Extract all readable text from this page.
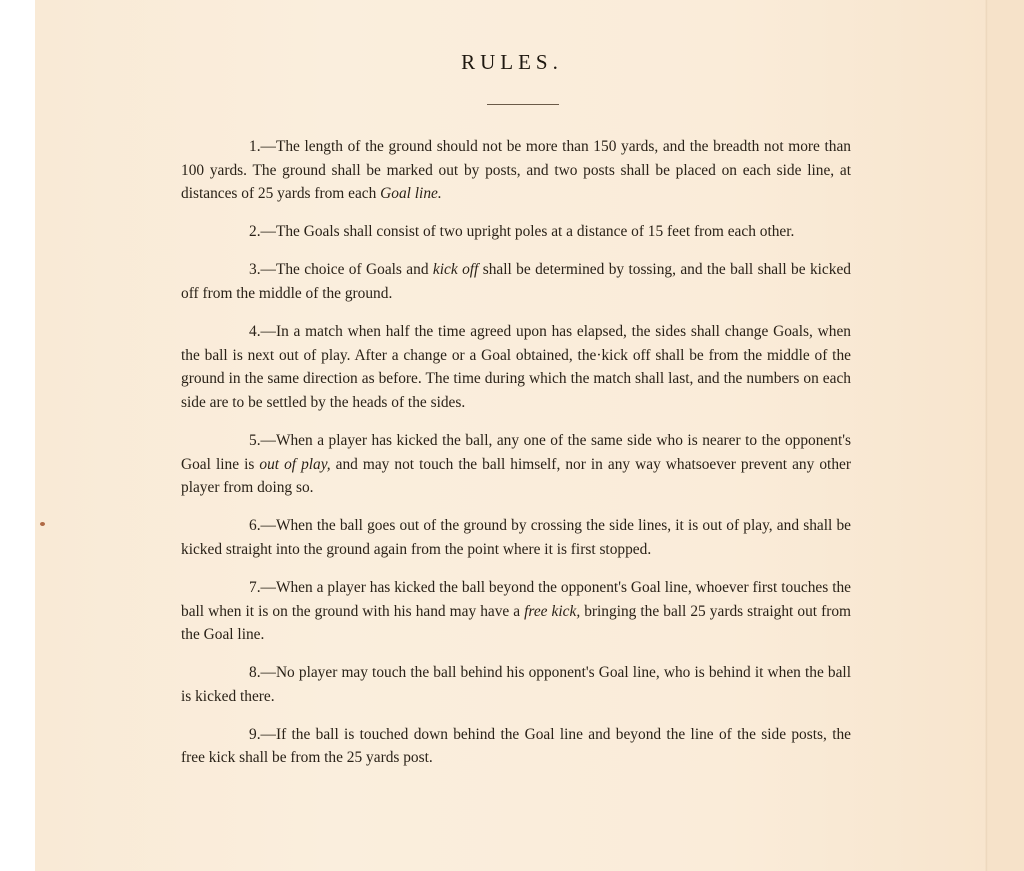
RULES.

1.—The length of the ground should not be more than 150 yards, and the breadth not more than 100 yards. The ground shall be marked out by posts, and two posts shall be placed on each side line, at distances of 25 yards from each Goal line.

2.—The Goals shall consist of two upright poles at a distance of 15 feet from each other.

3.—The choice of Goals and kick off shall be determined by tossing, and the ball shall be kicked off from the middle of the ground.

4.—In a match when half the time agreed upon has elapsed, the sides shall change Goals, when the ball is next out of play. After a change or a Goal obtained, the·kick off shall be from the middle of the ground in the same direction as before. The time during which the match shall last, and the numbers on each side are to be settled by the heads of the sides.

5.—When a player has kicked the ball, any one of the same side who is nearer to the opponent's Goal line is out of play, and may not touch the ball himself, nor in any way whatsoever prevent any other player from doing so.

6.—When the ball goes out of the ground by crossing the side lines, it is out of play, and shall be kicked straight into the ground again from the point where it is first stopped.

7.—When a player has kicked the ball beyond the opponent's Goal line, whoever first touches the ball when it is on the ground with his hand may have a free kick, bringing the ball 25 yards straight out from the Goal line.

8.—No player may touch the ball behind his opponent's Goal line, who is behind it when the ball is kicked there.

9.—If the ball is touched down behind the Goal line and beyond the line of the side posts, the free kick shall be from the 25 yards post.
